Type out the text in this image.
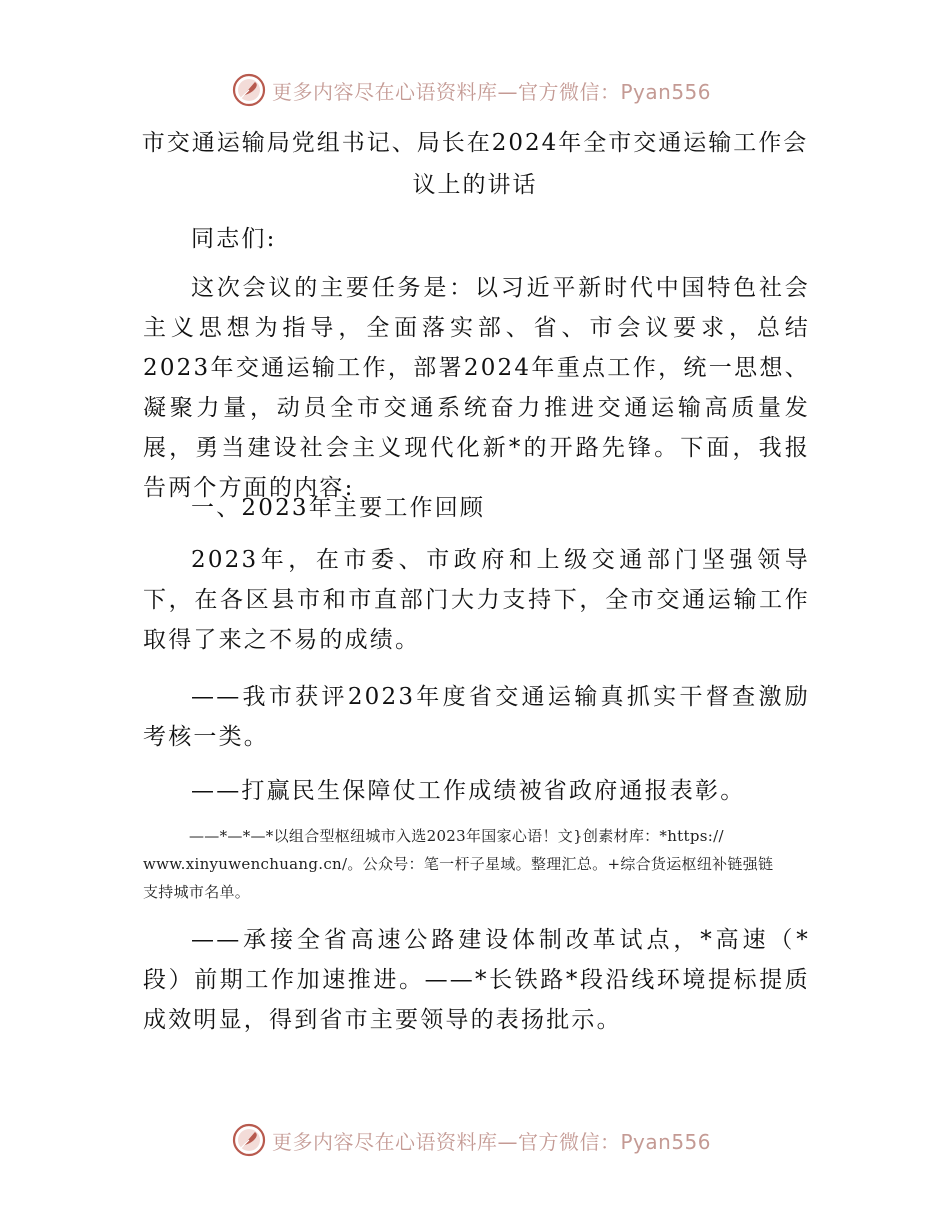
更多内容尽在心语资料库—官方微信：Pyan556
市交通运输局党组书记、局长在2024年全市交通运输工作会
议上的讲话
同志们:
这次会议的主要任务是：以习近平新时代中国特色社会主义思想为指导，全面落实部、省、市会议要求，总结2023年交通运输工作，部署2024年重点工作，统一思想、凝聚力量，动员全市交通系统奋力推进交通运输高质量发展，勇当建设社会主义现代化新*的开路先锋。下面，我报告两个方面的内容:
一、2023年主要工作回顾
2023年，在市委、市政府和上级交通部门坚强领导下，在各区县市和市直部门大力支持下，全市交通运输工作取得了来之不易的成绩。
——我市获评2023年度省交通运输真抓实干督查激励考核一类。
——打赢民生保障仗工作成绩被省政府通报表彰。
——*—*—*以组合型枢纽城市入选2023年国家心语！文}创素材库：*https://
www.xinyuwenchuang.cn/。公众号：笔一杆子星域。整理汇总。+综合货运枢纽补链强链
支持城市名单。
——承接全省高速公路建设体制改革试点，*高速（*段）前期工作加速推进。——*长铁路*段沿线环境提标提质成效明显，得到省市主要领导的表扬批示。
更多内容尽在心语资料库—官方微信：Pyan556
